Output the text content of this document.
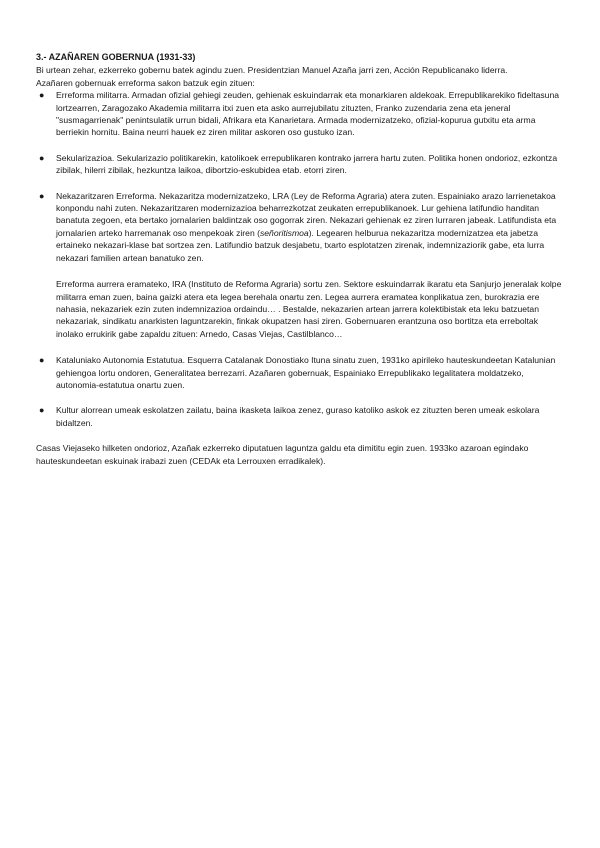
3.- AZAÑAREN GOBERNUA (1931-33)

Bi urtean zehar, ezkerreko gobernu batek agindu zuen. Presidentzian Manuel Azaña jarri zen, Acción Republicanako liderra.

Azañaren gobernuak erreforma sakon batzuk egin zituen:

● Erreforma militarra. Armadan ofizial gehiegi zeuden, gehienak eskuindarrak eta monarkiaren aldekoak. Errepublikarekiko fideltasuna lortzearren, Zaragozako Akademia militarra itxi zuen eta asko aurrejubilatu zituzten, Franko zuzendaria zena eta jeneral "susmagarrienak" penintsulatik urrun bidali, Afrikara eta Kanarietara. Armada modernizatzeko, ofizial-kopurua gutxitu eta arma berriekin hornitu. Baina neurri hauek ez ziren militar askoren oso gustuko izan.
● Sekularizazioa. Sekularizazio politikarekin, katolikoek errepublikaren kontrako jarrera hartu zuten. Politika honen ondorioz, ezkontza zibilak, hilerri zibilak, hezkuntza laikoa, dibortzio-eskubidea etab. etorri ziren.
● Nekazaritzaren Erreforma. Nekazaritza modernizatzeko, LRA (Ley de Reforma Agraria) atera zuten. Espainiako arazo larrienetakoa konpondu nahi zuten. Nekazaritzaren modernizazioa beharrezkotzat zeukaten errepublikanoek. Lur gehiena latifundio handitan banatuta zegoen, eta bertako jornalarien baldintzak oso gogorrak ziren. Nekazari gehienak ez ziren lurraren jabeak. Latifundista eta jornalarien arteko harremanak oso menpekoak ziren (señoritismoa). Legearen helburua nekazaritza modernizatzea eta jabetza ertaineko nekazari-klase bat sortzea zen. Latifundio batzuk desjabetu, txarto esplotatzen zirenak, indemnizaziorik gabe, eta lurra nekazari familien artean banatuko zen.

Erreforma aurrera eramateko, IRA (Instituto de Reforma Agraria) sortu zen. Sektore eskuindarrak ikaratu eta Sanjurjo jeneralak kolpe militarra eman zuen, baina gaizki atera eta legea berehala onartu zen. Legea aurrera eramatea konplikatua zen, burokrazia ere nahasia, nekazariek ezin zuten indemnizazioa ordaindu… . Bestalde, nekazarien artean jarrera kolektibistak eta leku batzuetan nekazariak, sindikatu anarkisten laguntzarekin, finkak okupatzen hasi ziren. Gobernuaren erantzuna oso bortitza eta erreboltak inolako errukirik gabe zapaldu zituen: Arnedo, Casas Viejas, Castilblanco…

● Kataluniako Autonomia Estatutua. Esquerra Catalanak Donostiako Ituna sinatu zuen, 1931ko apirileko hauteskundeetan Katalunian gehiengoa lortu ondoren, Generalitatea berrezarri. Azañaren gobernuak, Espainiako Errepublikako legalitatera moldatzeko, autonomia-estatutua onartu zuen.
● Kultur alorrean umeak eskolatzen zailatu, baina ikasketa laikoa zenez, guraso katoliko askok ez zituzten beren umeak eskolara bidaltzen.

Casas Viejaseko hilketen ondorioz, Azañak ezkerreko diputatuen laguntza galdu eta dimititu egin zuen. 1933ko azaroan egindako hauteskundeetan eskuinak irabazi zuen (CEDAk eta Lerrouxen erradikalek).
